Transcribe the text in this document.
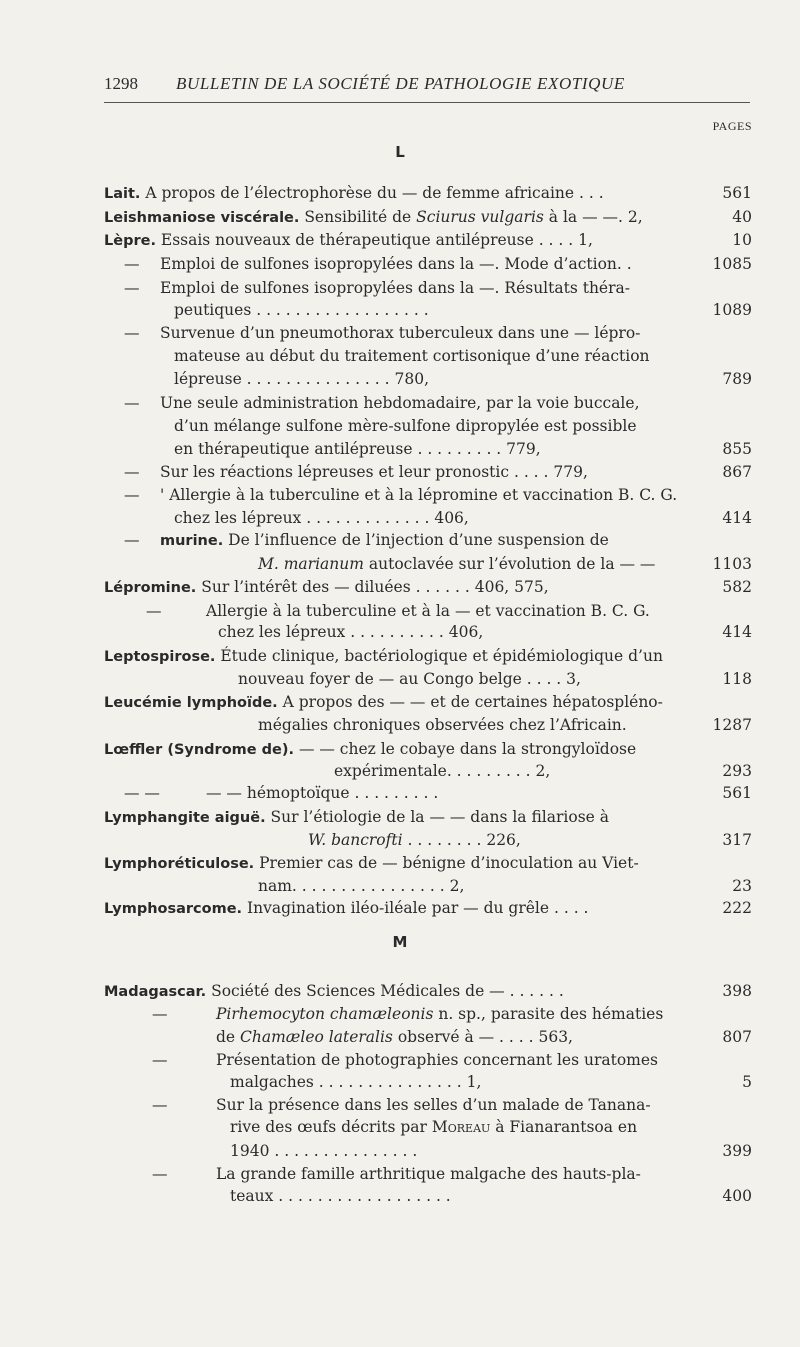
1298 BULLETIN DE LA SOCIÉTÉ DE PATHOLOGIE EXOTIQUE
PAGES
L
M
Lait. A propos de l’électrophorèse du — de femme africaine . . .	561
Leishmaniose viscérale. Sensibilité de Sciurus vulgaris à la — —. 2,	40
Lèpre. Essais nouveaux de thérapeutique antilépreuse . . . . 1,	10
— Emploi de sulfones isopropylées dans la —. Mode d’action. .	1085
— Emploi de sulfones isopropylées dans la —. Résultats théra-
peutiques . . . . . . . . . . . . . . . . . .	1089
— Survenue d’un pneumothorax tuberculeux dans une — lépro-
mateuse au début du traitement cortisonique d’une réaction
lépreuse . . . . . . . . . . . . . . . 780,	789
— Une seule administration hebdomadaire, par la voie buccale,
d’un mélange sulfone mère-sulfone dipropylée est possible
en thérapeutique antilépreuse . . . . . . . . . 779,	855
— Sur les réactions lépreuses et leur pronostic . . . . 779,	867
— ' Allergie à la tuberculine et à la lépromine et vaccination B. C. G.
chez les lépreux . . . . . . . . . . . . . 406,	414
— murine. De l’influence de l’injection d’une suspension de
M. marianum autoclavée sur l’évolution de la — —	1103
Lépromine. Sur l’intérêt des — diluées . . . . . . 406, 575,	582
—	Allergie à la tuberculine et à la — et vaccination B. C. G.
chez les lépreux . . . . . . . . . . 406,	414
Leptospirose. Étude clinique, bactériologique et épidémiologique d’un
nouveau foyer de — au Congo belge . . . . 3,	118
Leucémie lymphoïde. A propos des — — et de certaines hépatospléno-
mégalies chroniques observées chez l’Africain.	1287
Lœffler (Syndrome de). — — chez le cobaye dans la strongyloïdose
expérimentale. . . . . . . . . 2,	293
— —	— — hémoptoïque . . . . . . . . .	561
Lymphangite aiguë. Sur l’étiologie de la — — dans la filariose à
W. bancrofti . . . . . . . . 226,	317
Lymphoréticulose. Premier cas de — bénigne d’inoculation au Viet-
nam. . . . . . . . . . . . . . . . 2,	23
Lymphosarcome. Invagination iléo-iléale par — du grêle . . . .	222
Madagascar. Société des Sciences Médicales de — . . . . . .	398
—	Pirhemocyton chamæleonis n. sp., parasite des hématies
de Chamæleo lateralis observé à — . . . . 563,	807
—	Présentation de photographies concernant les uratomes
malgaches . . . . . . . . . . . . . . . 1,	5
—	Sur la présence dans les selles d’un malade de Tanana-
rive des œufs décrits par Moreau à Fianarantsoa en
1940 . . . . . . . . . . . . . . .	399
—	La grande famille arthritique malgache des hauts-pla-
teaux . . . . . . . . . . . . . . . . . .	400
